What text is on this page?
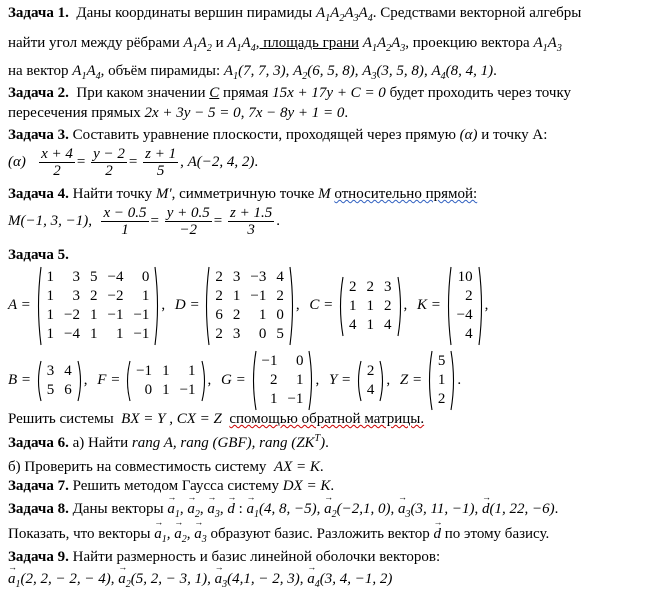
Задача 1. Даны координаты вершин пирамиды $A_1A_2A_3A_4$. Средствами векторной алгебры
найти угол между рёбрами $A_1A_2$ и $A_1A_4$, площадь грани $A_1A_2A_3$, проекцию вектора $A_1A_3$
на вектор $A_1A_4$, объём пирамиды: $A_1(7$, 7, 3), $A_2(6$, 5, 8), $A_3(3$, 5, 8), $A_4(8$, 4, 1).
Задача 2. При каком значении C прямая 15x + 17y + C = 0 будет проходить через точку
пересечения прямых 2x + 3y − 5 = 0, 7x − 8y + 1 = 0.
Задача 3. Составить уравнение плоскости, проходящей через прямую (α) и точку A:
$(\alpha) \frac{x + 4}{2} = \frac{y - 2}{2} = \frac{z + 1}{5}$ , A(−2, 4, 2).
Задача 4. Найти точку M′, симметричную точке M относительно прямой:
M(−1, 3, −1), $\frac{x - 0.5}{1} = \frac{y + 0.5}{-2} = \frac{z + 1.5}{3}$ .
Задача 5.
A =
1	3	5	−4	0
1	3	2	−2	1
1	−2	1	−1	−1
1	−4	1	1	−1
, D =
2	3	−3	4
2	1	−1	2
6	2	1	0
2	3	0	5
, C =
2	2	3
1	1	2
4	1	4
, K =
10
2
−4
4
,
B =
3	4
5	6
, F =
−1	1	1
0	1	−1
, G =
−1	0
2	1
1	−1
, Y =
2
4
, Z =
5
1
2
.
Решить системы BX = Y , CX = Z спомощью обратной матрицы.
Задача 6. а) Найти rang A, rang (GBF), rang $(ZK^T)$.
б) Проверить на совместимость систему AX = K.
Задача 7. Решить методом Гаусса систему DX = K.
Задача 8. Даны векторы → $a_1$, → $a_2$, → $a_3$, → d : → $a_1(4$, 8, −5), → $a_2(-2,1$, 0), → $a_3(3$, 11, −1), → d(1, 22, −6).
Показать, что векторы → $a_1$, → $a_2$, → $a_3$ образуют базис. Разложить вектор → d по этому базису.
Задача 9. Найти размерность и базис линейной оболочки векторов:
→ $a_1(2$, 2, − 2, − 4), → $a_2(5$, 2, − 3, 1), → $a_3(4,1$, − 2, 3), → $a_4(3$, 4, −1, 2)
